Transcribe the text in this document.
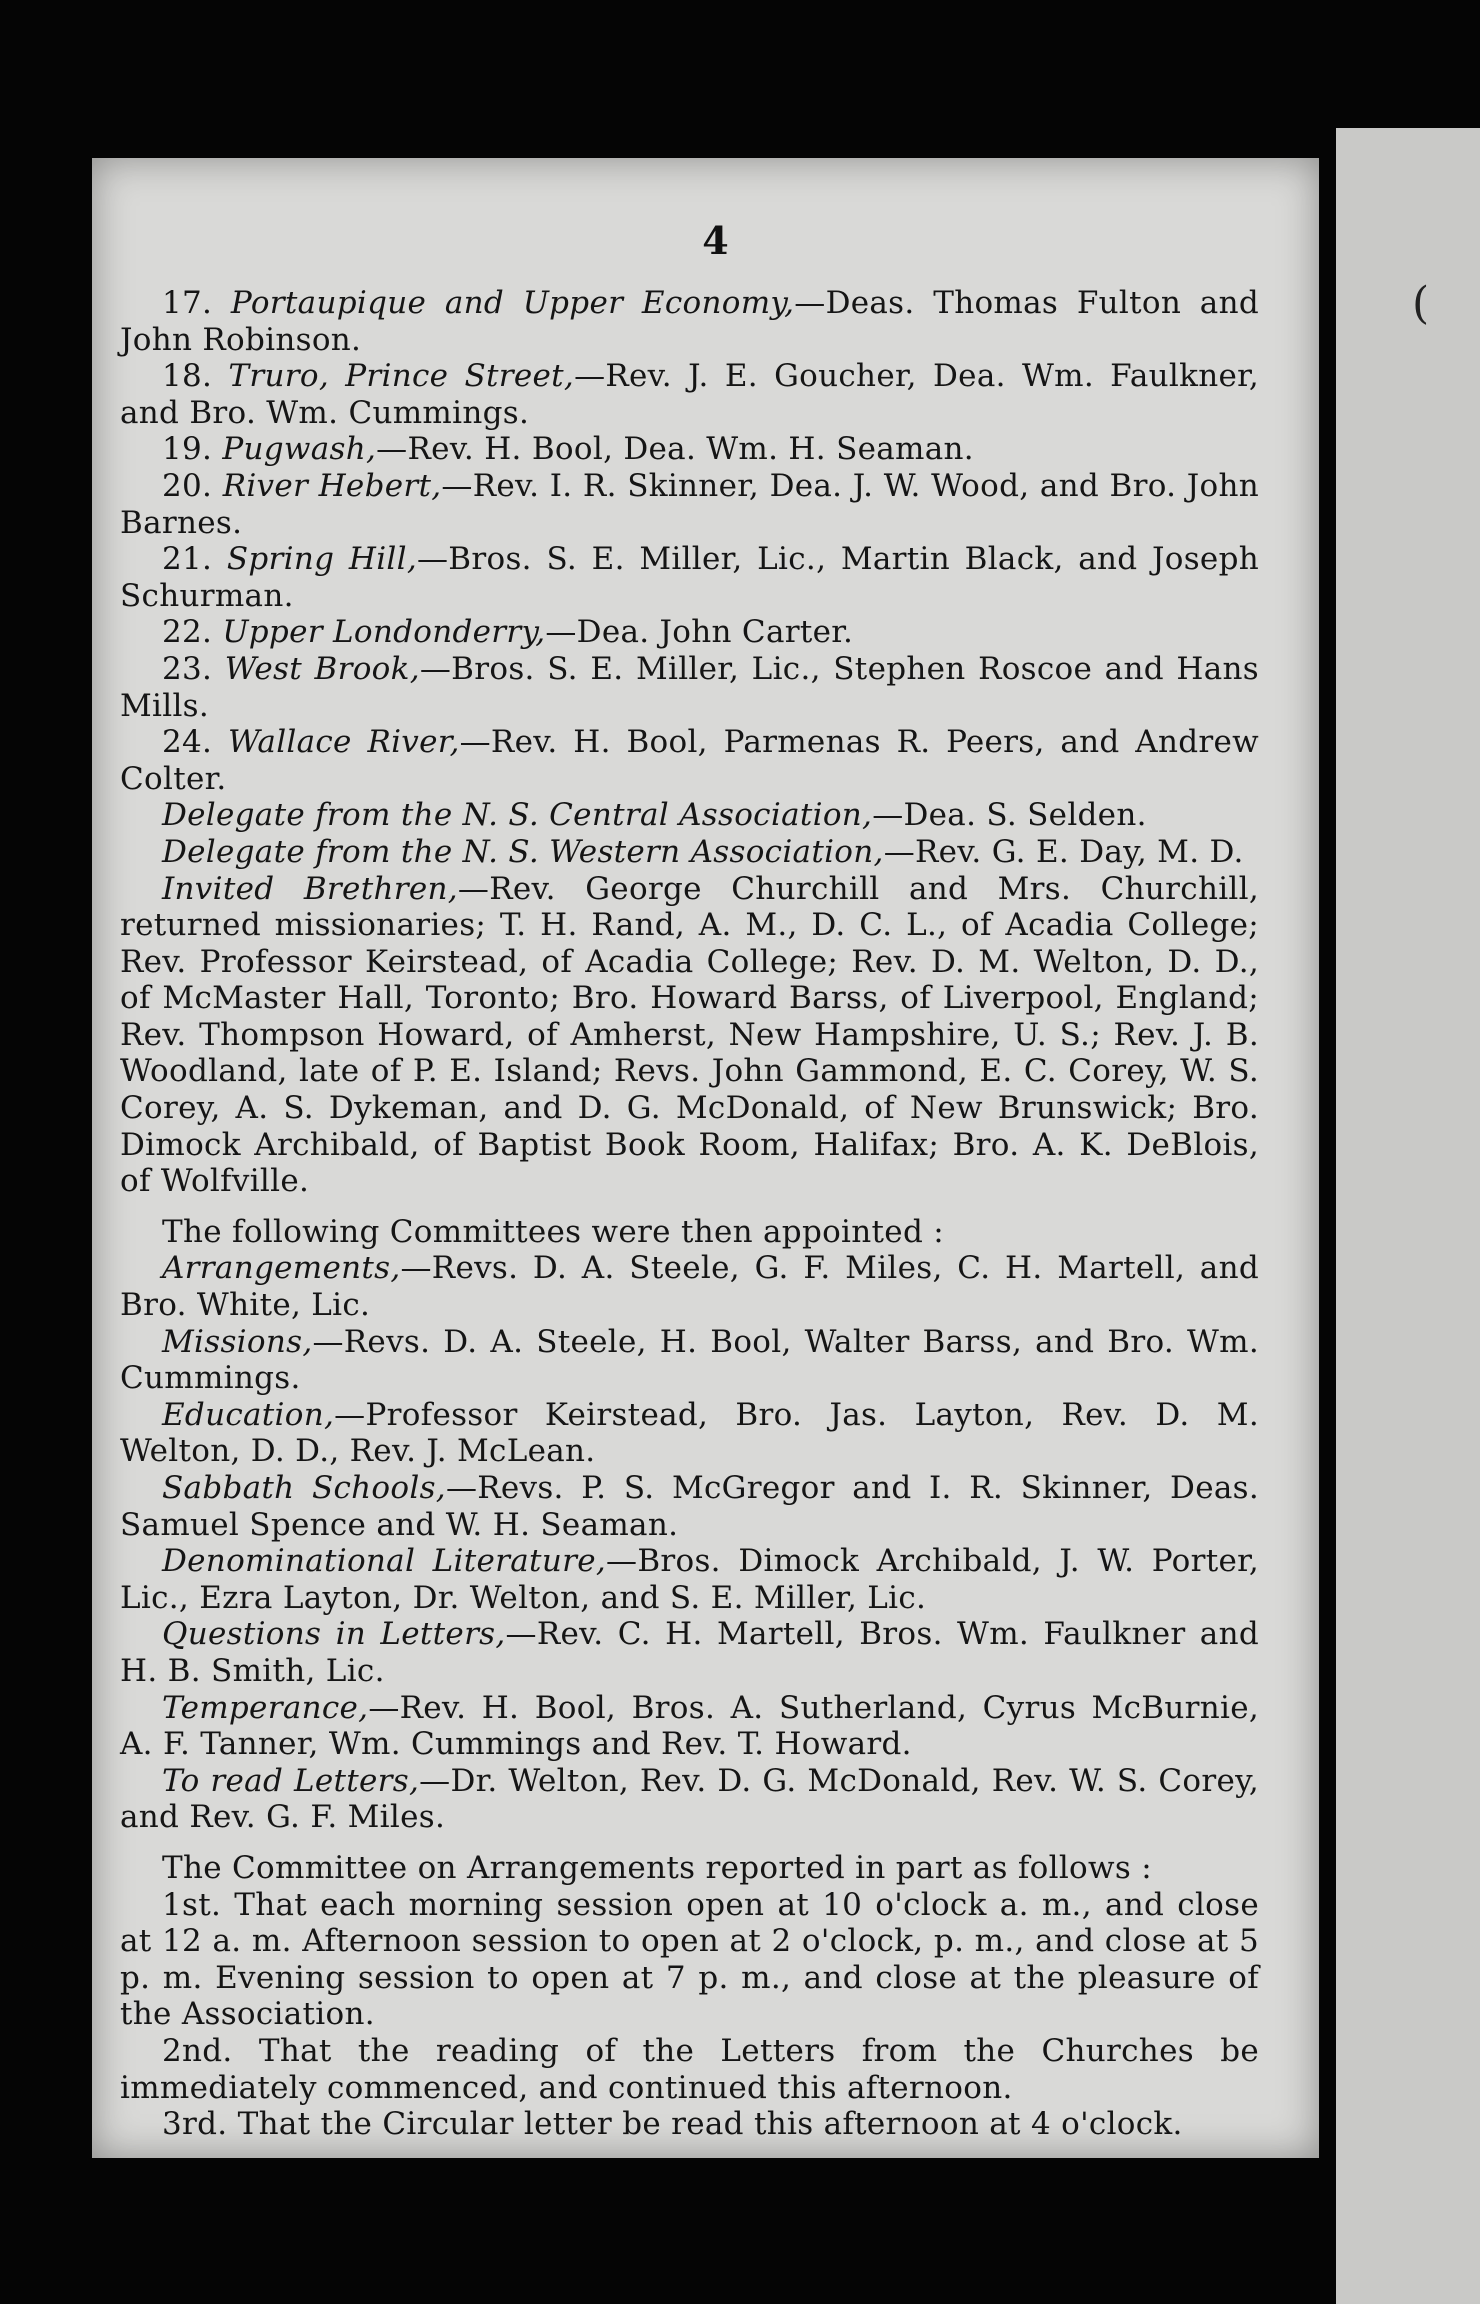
(
4

17. Portaupique and Upper Economy,—Deas. Thomas Fulton and John Robinson.

18. Truro, Prince Street,—Rev. J. E. Goucher, Dea. Wm. Faulkner, and Bro. Wm. Cummings.

19. Pugwash,—Rev. H. Bool, Dea. Wm. H. Seaman.

20. River Hebert,—Rev. I. R. Skinner, Dea. J. W. Wood, and Bro. John Barnes.

21. Spring Hill,—Bros. S. E. Miller, Lic., Martin Black, and Joseph Schurman.

22. Upper Londonderry,—Dea. John Carter.

23. West Brook,—Bros. S. E. Miller, Lic., Stephen Roscoe and Hans Mills.

24. Wallace River,—Rev. H. Bool, Parmenas R. Peers, and Andrew Colter.

Delegate from the N. S. Central Association,—Dea. S. Selden.

Delegate from the N. S. Western Association,—Rev. G. E. Day, M. D.

Invited Brethren,—Rev. George Churchill and Mrs. Churchill, returned missionaries; T. H. Rand, A. M., D. C. L., of Acadia College; Rev. Professor Keirstead, of Acadia College; Rev. D. M. Welton, D. D., of McMaster Hall, Toronto; Bro. Howard Barss, of Liverpool, England; Rev. Thompson Howard, of Amherst, New Hampshire, U. S.; Rev. J. B. Woodland, late of P. E. Island; Revs. John Gammond, E. C. Corey, W. S. Corey, A. S. Dykeman, and D. G. McDonald, of New Brunswick; Bro. Dimock Archibald, of Baptist Book Room, Halifax; Bro. A. K. DeBlois, of Wolfville.

The following Committees were then appointed :

Arrangements,—Revs. D. A. Steele, G. F. Miles, C. H. Martell, and Bro. White, Lic.

Missions,—Revs. D. A. Steele, H. Bool, Walter Barss, and Bro. Wm. Cummings.

Education,—Professor Keirstead, Bro. Jas. Layton, Rev. D. M. Welton, D. D., Rev. J. McLean.

Sabbath Schools,—Revs. P. S. McGregor and I. R. Skinner, Deas. Samuel Spence and W. H. Seaman.

Denominational Literature,—Bros. Dimock Archibald, J. W. Porter, Lic., Ezra Layton, Dr. Welton, and S. E. Miller, Lic.

Questions in Letters,—Rev. C. H. Martell, Bros. Wm. Faulkner and H. B. Smith, Lic.

Temperance,—Rev. H. Bool, Bros. A. Sutherland, Cyrus McBurnie, A. F. Tanner, Wm. Cummings and Rev. T. Howard.

To read Letters,—Dr. Welton, Rev. D. G. McDonald, Rev. W. S. Corey, and Rev. G. F. Miles.

The Committee on Arrangements reported in part as follows :

1st. That each morning session open at 10 o'clock a. m., and close at 12 a. m. Afternoon session to open at 2 o'clock, p. m., and close at 5 p. m. Evening session to open at 7 p. m., and close at the pleasure of the Association.

2nd. That the reading of the Letters from the Churches be immediately commenced, and continued this afternoon.

3rd. That the Circular letter be read this afternoon at 4 o'clock.
